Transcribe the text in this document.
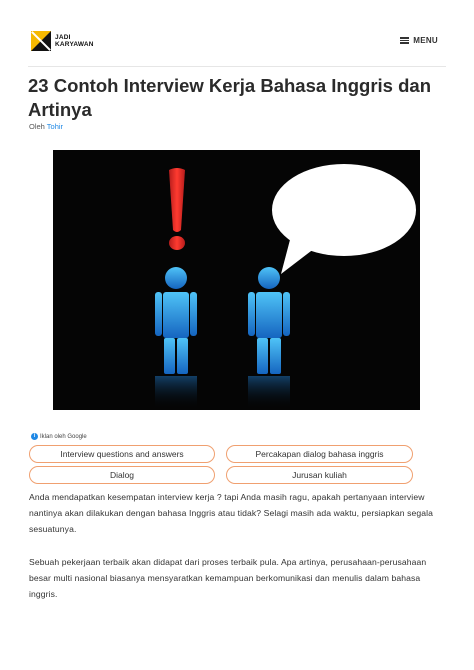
JADI
KARYAWAN	MENU
23 Contoh Interview Kerja Bahasa Inggris dan Artinya
Oleh Tohir
i Iklan oleh Google
Interview questions and answers	Percakapan dialog bahasa inggris
Dialog	Jurusan kuliah

Anda mendapatkan kesempatan interview kerja ? tapi Anda masih ragu, apakah pertanyaan interview nantinya akan dilakukan dengan bahasa Inggris atau tidak? Selagi masih ada waktu, persiapkan segala sesuatunya.

Sebuah pekerjaan terbaik akan didapat dari proses terbaik pula. Apa artinya, perusahaan-perusahaan besar multi nasional biasanya mensyaratkan kemampuan berkomunikasi dan menulis dalam bahasa inggris.
